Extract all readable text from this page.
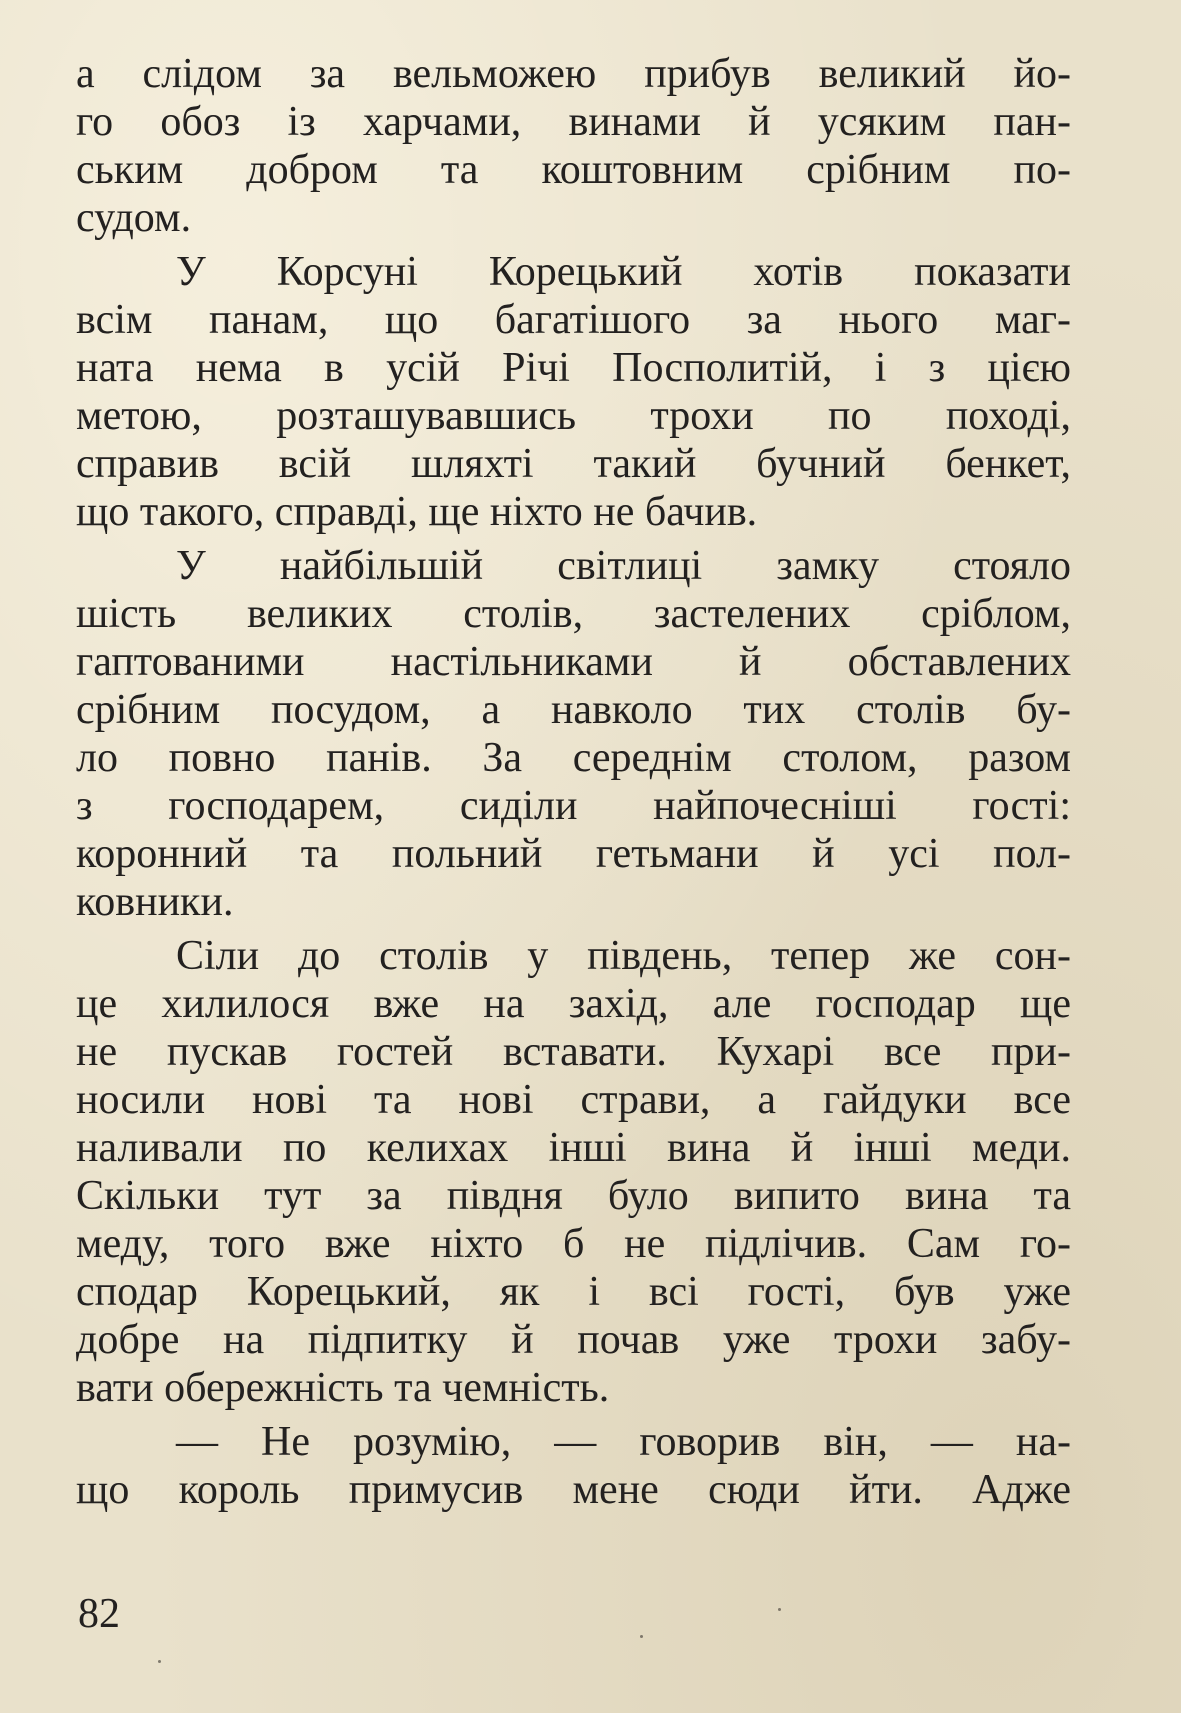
а слідом за вельможею прибув великий йо-
го обоз із харчами, винами й усяким пан-
ським добром та коштовним срібним по-
судом.
У Корсуні Корецький хотів показати
всім панам, що багатішого за нього маг-
ната нема в усій Річі Посполитій, і з цією
метою, розташувавшись трохи по поході,
справив всій шляхті такий бучний бенкет,
що такого, справді, ще ніхто не бачив.
У найбільшій світлиці замку стояло
шість великих столів, застелених сріблом,
гаптованими настільниками й обставлених
срібним посудом, а навколо тих столів бу-
ло повно панів. За середнім столом, разом
з господарем, сиділи найпочесніші гості:
коронний та польний гетьмани й усі пол-
ковники.
Сіли до столів у південь, тепер же сон-
це хилилося вже на захід, але господар ще
не пускав гостей вставати. Кухарі все при-
носили нові та нові страви, а гайдуки все
наливали по келихах інші вина й інші меди.
Скільки тут за півдня було випито вина та
меду, того вже ніхто б не підлічив. Сам го-
сподар Корецький, як і всі гості, був уже
добре на підпитку й почав уже трохи забу-
вати обережність та чемність.
— Не розумію, — говорив він, — на-
що король примусив мене сюди йти. Адже
82
